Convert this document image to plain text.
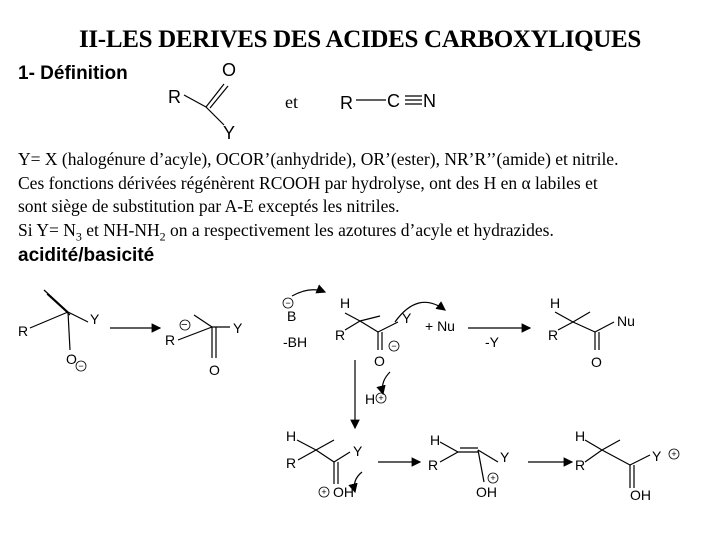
II-LES DERIVES DES ACIDES CARBOXYLIQUES
1- Définition
Y= X (halogénure d’acyle), OCOR’(anhydride), OR’(ester), NR’R’’(amide) et nitrile.
Ces fonctions dérivées régénèrent RCOOH par hydrolyse, ont des H en α labiles et
sont siège de substitution par A-E exceptés les nitriles.
Si $Y= N_3$ et $NH-NH_2$ on a respectivement les azotures d’acyle et hydrazides.
acidité/basicité
R
O
Y
R C N
et
R
Y
O
R
Y
O
−
B
-BH
H
R
Y + Nu
O
-Y
H
R
Nu
O
H
H
R
Y
OH
H
R	Y
OH
H
R
Y
OH
−
−
−
+
+
+
+
